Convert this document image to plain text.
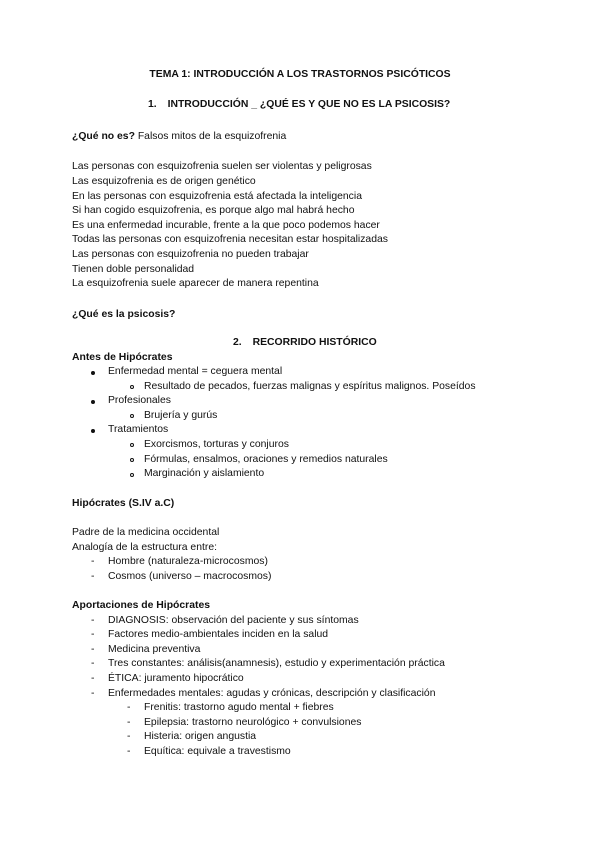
TEMA 1: INTRODUCCIÓN A LOS TRASTORNOS PSICÓTICOS
1. INTRODUCCIÓN _ ¿QUÉ ES Y QUE NO ES LA PSICOSIS?
¿Qué no es? Falsos mitos de la esquizofrenia
Las personas con esquizofrenia suelen ser violentas y peligrosas
Las esquizofrenia es de origen genético
En las personas con esquizofrenia está afectada la inteligencia
Si han cogido esquizofrenia, es porque algo mal habrá hecho
Es una enfermedad incurable, frente a la que poco podemos hacer
Todas las personas con esquizofrenia necesitan estar hospitalizadas
Las personas con esquizofrenia no pueden trabajar
Tienen doble personalidad
La esquizofrenia suele aparecer de manera repentina
¿Qué es la psicosis?
2. RECORRIDO HISTÓRICO
Antes de Hipócrates
Enfermedad mental = ceguera mental
Resultado de pecados, fuerzas malignas y espíritus malignos. Poseídos
Profesionales
Brujería y gurús
Tratamientos
Exorcismos, torturas y conjuros
Fórmulas, ensalmos, oraciones y remedios naturales
Marginación y aislamiento
Hipócrates (S.IV a.C)
Padre de la medicina occidental
Analogía de la estructura entre:
- Hombre (naturaleza-microcosmos)
- Cosmos (universo – macrocosmos)
Aportaciones de Hipócrates
- DIAGNOSIS: observación del paciente y sus síntomas
- Factores medio-ambientales inciden en la salud
- Medicina preventiva
- Tres constantes: análisis(anamnesis), estudio y experimentación práctica
- ÉTICA: juramento hipocrático
- Enfermedades mentales: agudas y crónicas, descripción y clasificación
- Frenitis: trastorno agudo mental + fiebres
- Epilepsia: trastorno neurológico + convulsiones
- Histeria: origen angustia
- Equítica: equivale a travestismo
